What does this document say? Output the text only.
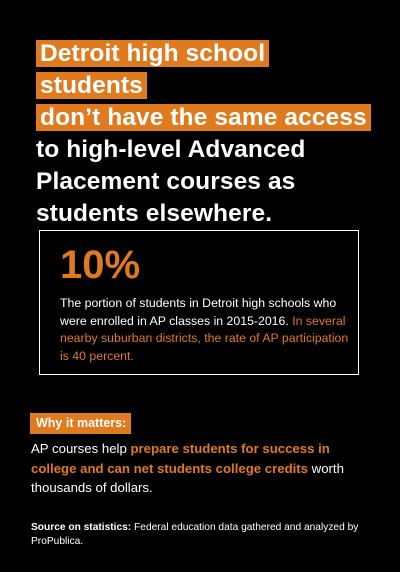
Detroit high school students
don’t have the same access
to high-level Advanced
Placement courses as
students elsewhere.
10%
The portion of students in Detroit high schools who were enrolled in AP classes in 2015-2016. In several nearby suburban districts, the rate of AP participation is 40 percent.
Why it matters:
AP courses help prepare students for success in college and can net students college credits worth thousands of dollars.
Source on statistics: Federal education data gathered and analyzed by ProPublica.
